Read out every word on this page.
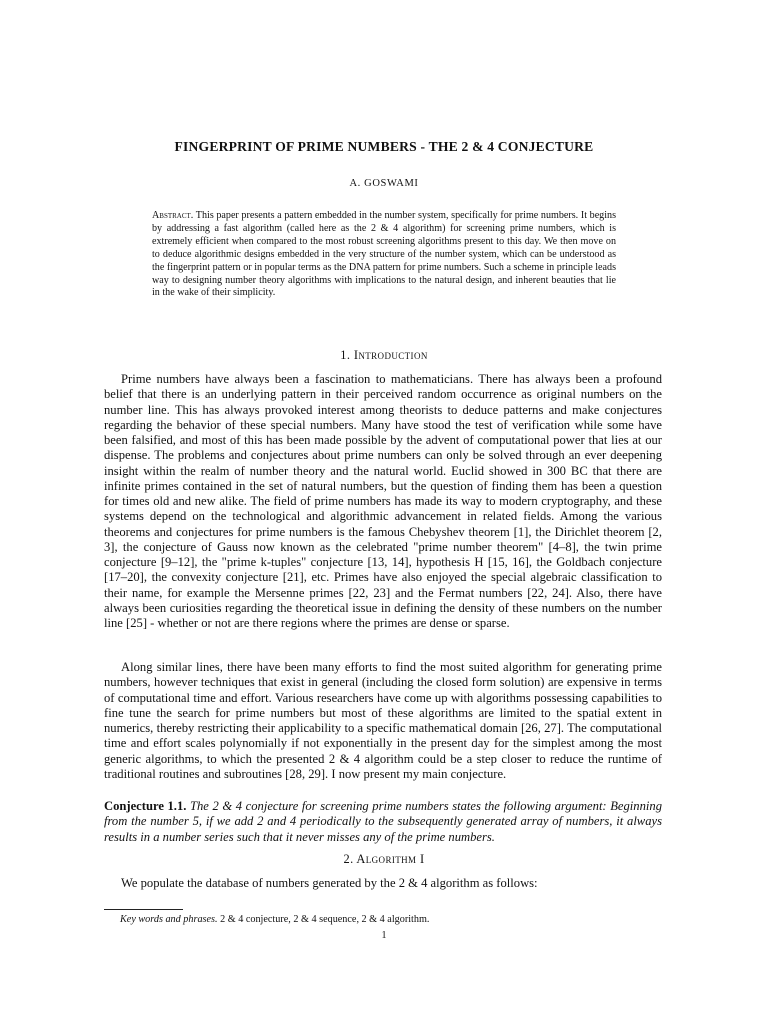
FINGERPRINT OF PRIME NUMBERS - THE 2 & 4 CONJECTURE
A. GOSWAMI
Abstract. This paper presents a pattern embedded in the number system, specifically for prime numbers. It begins by addressing a fast algorithm (called here as the 2 & 4 algorithm) for screening prime numbers, which is extremely efficient when compared to the most robust screening algorithms present to this day. We then move on to deduce algorithmic designs embedded in the very structure of the number system, which can be understood as the fingerprint pattern or in popular terms as the DNA pattern for prime numbers. Such a scheme in principle leads way to designing number theory algorithms with implications to the natural design, and inherent beauties that lie in the wake of their simplicity.
1. Introduction
Prime numbers have always been a fascination to mathematicians. There has always been a profound belief that there is an underlying pattern in their perceived random occurrence as original numbers on the number line. This has always provoked interest among theorists to deduce patterns and make conjectures regarding the behavior of these special numbers. Many have stood the test of verification while some have been falsified, and most of this has been made possible by the advent of computational power that lies at our dispense. The problems and conjectures about prime numbers can only be solved through an ever deepening insight within the realm of number theory and the natural world. Euclid showed in 300 BC that there are infinite primes contained in the set of natural numbers, but the question of finding them has been a question for times old and new alike. The field of prime numbers has made its way to modern cryptography, and these systems depend on the technological and algorithmic advancement in related fields. Among the various theorems and conjectures for prime numbers is the famous Chebyshev theorem [1], the Dirichlet theorem [2, 3], the conjecture of Gauss now known as the celebrated "prime number theorem" [4–8], the twin prime conjecture [9–12], the "prime k-tuples" conjecture [13, 14], hypothesis H [15, 16], the Goldbach conjecture [17–20], the convexity conjecture [21], etc. Primes have also enjoyed the special algebraic classification to their name, for example the Mersenne primes [22, 23] and the Fermat numbers [22, 24]. Also, there have always been curiosities regarding the theoretical issue in defining the density of these numbers on the number line [25] - whether or not are there regions where the primes are dense or sparse.
Along similar lines, there have been many efforts to find the most suited algorithm for generating prime numbers, however techniques that exist in general (including the closed form solution) are expensive in terms of computational time and effort. Various researchers have come up with algorithms possessing capabilities to fine tune the search for prime numbers but most of these algorithms are limited to the spatial extent in numerics, thereby restricting their applicability to a specific mathematical domain [26, 27]. The computational time and effort scales polynomially if not exponentially in the present day for the simplest among the most generic algorithms, to which the presented 2 & 4 algorithm could be a step closer to reduce the runtime of traditional routines and subroutines [28, 29]. I now present my main conjecture.
Conjecture 1.1. The 2 & 4 conjecture for screening prime numbers states the following argument: Beginning from the number 5, if we add 2 and 4 periodically to the subsequently generated array of numbers, it always results in a number series such that it never misses any of the prime numbers.
2. Algorithm I
We populate the database of numbers generated by the 2 & 4 algorithm as follows:
Key words and phrases. 2 & 4 conjecture, 2 & 4 sequence, 2 & 4 algorithm.
1
